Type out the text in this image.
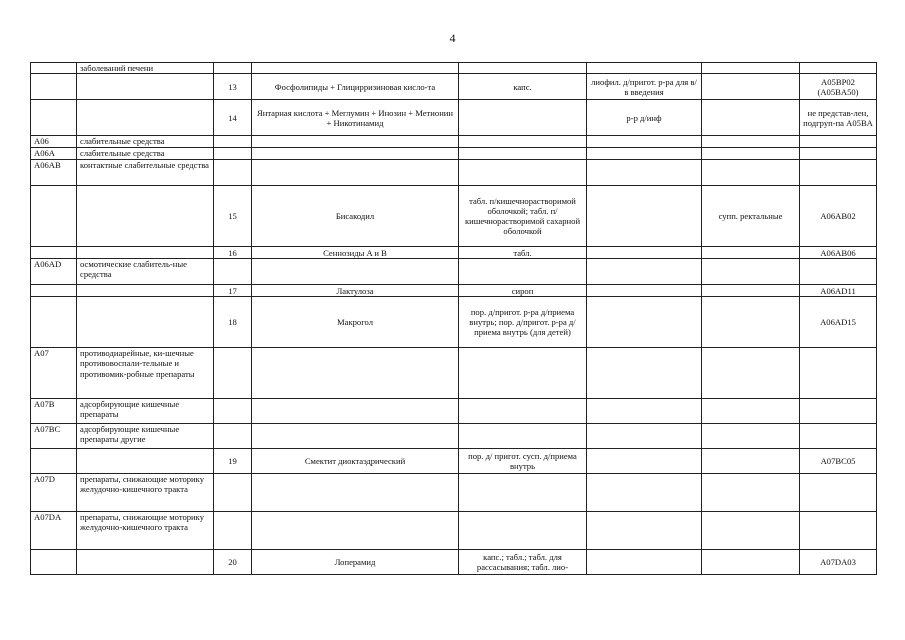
4
	заболеваний печени						
		13	Фосфолипиды + Глицирризиновая кисло-та	капс.	лиофил. д/пригот. р-ра для в/в введения		A05BP02 (A05BA50)
		14	Янтарная кислота + Меглумин + Инозин + Метионин + Никотинамид		р-р д/инф		не представ-лен, подгруп-па A05BA
A06	слабительные средства						
A06A	слабительные средства						
A06AB	контактные слабительные средства						
		15	Бисакодил	табл. п/кишечнорастворимой оболочкой; табл. п/кишечнорастворимой сахарной оболочкой		супп. ректальные	A06AB02
		16	Сеннозиды A и B	табл.			A06AB06
A06AD	осмотические слабитель-ные средства						
		17	Лактулоза	сироп			A06AD11
		18	Макрогол	пор. д/пригот. р-ра д/приема внутрь; пор. д/пригот. р-ра д/приема внутрь (для детей)			A06AD15
A07	противодиарейные, ки-шечные противовоспали-тельные и противомик-робные препараты						
A07B	адсорбирующие кишечные препараты						
A07BC	адсорбирующие кишечные препараты другие						
		19	Смектит диоктаэдрический	пор. д/ пригот. сусп. д/приема внутрь			A07BC05
A07D	препараты, снижающие моторику желудочно-кишечного тракта						
A07DA	препараты, снижающие моторику желудочно-кишечного тракта						
		20	Лоперамид	капс.; табл.; табл. для рассасывания; табл. лио-			A07DA03
